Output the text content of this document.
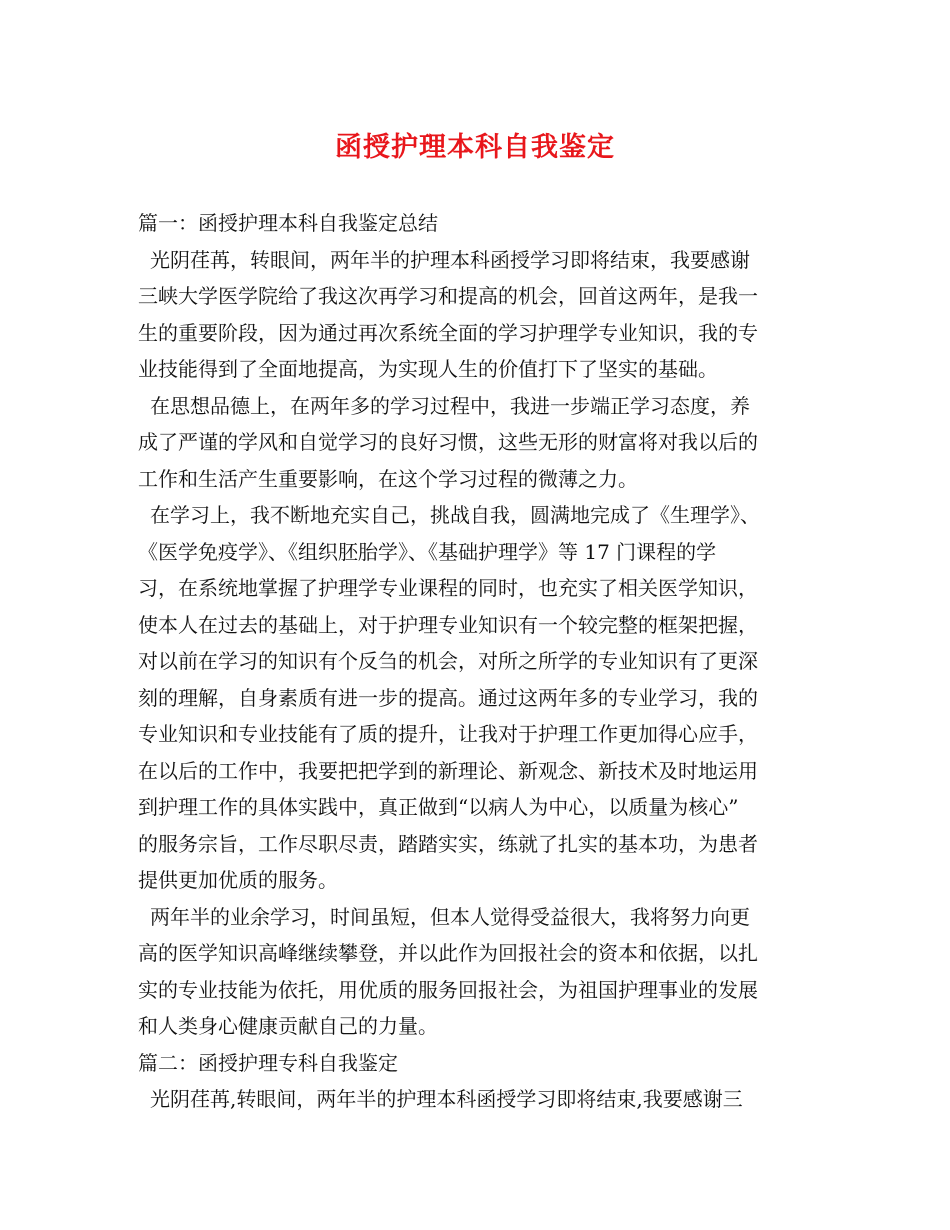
函授护理本科自我鉴定
篇一：函授护理本科自我鉴定总结
光阴荏苒，转眼间，两年半的护理本科函授学习即将结束，我要感谢
三峡大学医学院给了我这次再学习和提高的机会，回首这两年，是我一
生的重要阶段，因为通过再次系统全面的学习护理学专业知识，我的专
业技能得到了全面地提高，为实现人生的价值打下了坚实的基础。
在思想品德上，在两年多的学习过程中，我进一步端正学习态度，养
成了严谨的学风和自觉学习的良好习惯，这些无形的财富将对我以后的
工作和生活产生重要影响，在这个学习过程的微薄之力。
在学习上，我不断地充实自己，挑战自我，圆满地完成了《生理学》、
《医学免疫学》、《组织胚胎学》、《基础护理学》等 17 门课程的学
习，在系统地掌握了护理学专业课程的同时，也充实了相关医学知识，
使本人在过去的基础上，对于护理专业知识有一个较完整的框架把握，
对以前在学习的知识有个反刍的机会，对所之所学的专业知识有了更深
刻的理解，自身素质有进一步的提高。通过这两年多的专业学习，我的
专业知识和专业技能有了质的提升，让我对于护理工作更加得心应手，
在以后的工作中，我要把把学到的新理论、新观念、新技术及时地运用
到护理工作的具体实践中，真正做到“以病人为中心，以质量为核心”
的服务宗旨，工作尽职尽责，踏踏实实，练就了扎实的基本功，为患者
提供更加优质的服务。
两年半的业余学习，时间虽短，但本人觉得受益很大，我将努力向更
高的医学知识高峰继续攀登，并以此作为回报社会的资本和依据，以扎
实的专业技能为依托，用优质的服务回报社会，为祖国护理事业的发展
和人类身心健康贡献自己的力量。
篇二：函授护理专科自我鉴定
光阴荏苒,转眼间，两年半的护理本科函授学习即将结束,我要感谢三
